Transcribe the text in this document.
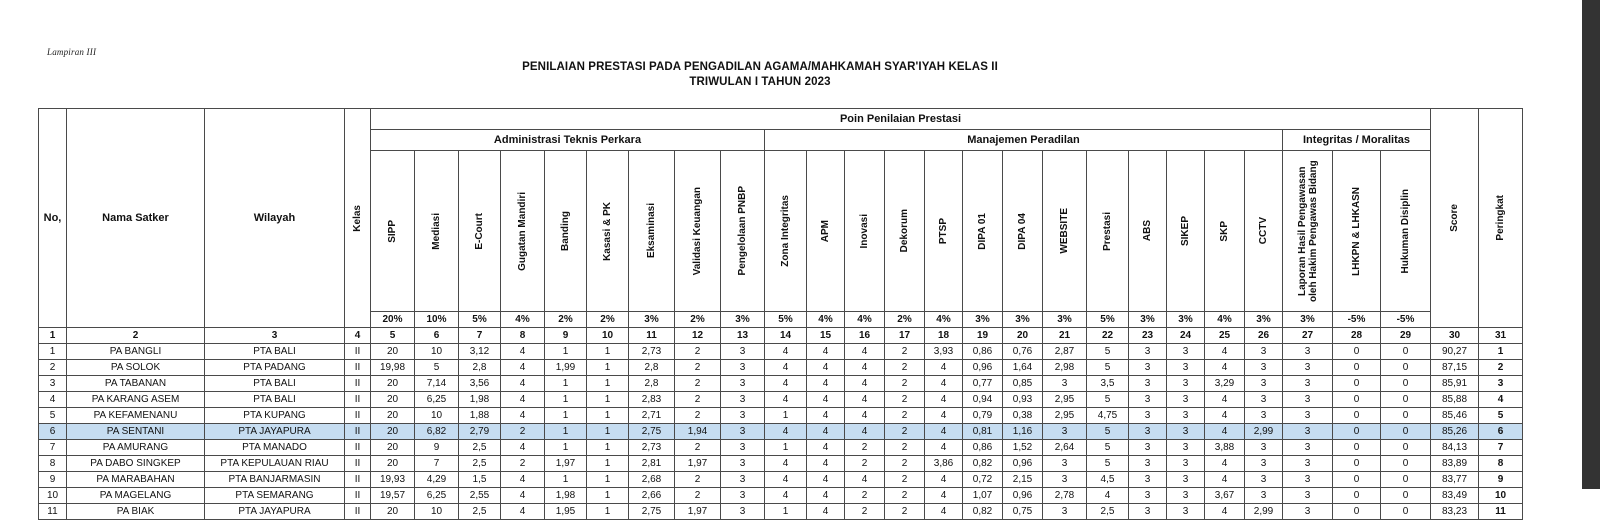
Lampiran III
PENILAIAN PRESTASI PADA PENGADILAN AGAMA/MAHKAMAH SYAR'IYAH KELAS II
TRIWULAN I TAHUN 2023
No,	Nama Satker	Wilayah	Kelas	Poin Penilaian Prestasi																									Score	Peringkat

				Administrasi Teknis Perkara									Manajemen Peradilan													Integritas / Moralitas				

				SIPP	Mediasi	E-Court	Gugatan Mandiri	Banding	Kasasi & PK	Eksaminasi	Validasi Keuangan	Pengelolaan PNBP	Zona Integritas	APM	Inovasi	Dekorum	PTSP	DIPA 01	DIPA 04	WEBSITE	Prestasi	ABS	SIKEP	SKP	CCTV	Laporan Hasil Pengawasan oleh Hakim Pengawas Bidang	LHKPN & LHKASN	Hukuman Disiplin		

				20%	10%	5%	4%	2%	2%	3%	2%	3%	5%	4%	4%	2%	4%	3%	3%	3%	5%	3%	3%	4%	3%	3%	-5%	-5%		
1	2	3	4	5	6	7	8	9	10	11	12	13	14	15	16	17	18	19	20	21	22	23	24	25	26	27	28	29	30	31
1	PA BANGLI	PTA BALI	II	20	10	3,12	4	1	1	2,73	2	3	4	4	4	2	3,93	0,86	0,76	2,87	5	3	3	4	3	3	0	0	90,27	1
2	PA SOLOK	PTA PADANG	II	19,98	5	2,8	4	1,99	1	2,8	2	3	4	4	4	2	4	0,96	1,64	2,98	5	3	3	4	3	3	0	0	87,15	2
3	PA TABANAN	PTA BALI	II	20	7,14	3,56	4	1	1	2,8	2	3	4	4	4	2	4	0,77	0,85	3	3,5	3	3	3,29	3	3	0	0	85,91	3
4	PA KARANG ASEM	PTA BALI	II	20	6,25	1,98	4	1	1	2,83	2	3	4	4	4	2	4	0,94	0,93	2,95	5	3	3	4	3	3	0	0	85,88	4
5	PA KEFAMENANU	PTA KUPANG	II	20	10	1,88	4	1	1	2,71	2	3	1	4	4	2	4	0,79	0,38	2,95	4,75	3	3	4	3	3	0	0	85,46	5
6	PA SENTANI	PTA JAYAPURA	II	20	6,82	2,79	2	1	1	2,75	1,94	3	4	4	4	2	4	0,81	1,16	3	5	3	3	4	2,99	3	0	0	85,26	6
7	PA AMURANG	PTA MANADO	II	20	9	2,5	4	1	1	2,73	2	3	1	4	2	2	4	0,86	1,52	2,64	5	3	3	3,88	3	3	0	0	84,13	7
8	PA DABO SINGKEP	PTA KEPULAUAN RIAU	II	20	7	2,5	2	1,97	1	2,81	1,97	3	4	4	2	2	3,86	0,82	0,96	3	5	3	3	4	3	3	0	0	83,89	8
9	PA MARABAHAN	PTA BANJARMASIN	II	19,93	4,29	1,5	4	1	1	2,68	2	3	4	4	4	2	4	0,72	2,15	3	4,5	3	3	4	3	3	0	0	83,77	9
10	PA MAGELANG	PTA SEMARANG	II	19,57	6,25	2,55	4	1,98	1	2,66	2	3	4	4	2	2	4	1,07	0,96	2,78	4	3	3	3,67	3	3	0	0	83,49	10
11	PA BIAK	PTA JAYAPURA	II	20	10	2,5	4	1,95	1	2,75	1,97	3	1	4	2	2	4	0,82	0,75	3	2,5	3	3	4	2,99	3	0	0	83,23	11
